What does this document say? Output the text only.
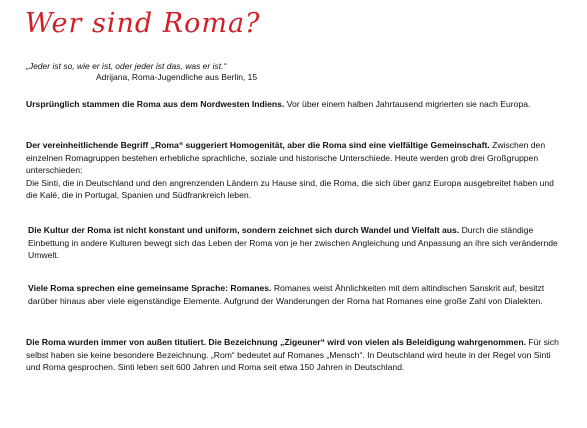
Wer sind Roma?
„Jeder ist so, wie er ist, oder jeder ist das, was er ist.“
Adrijana, Roma-Jugendliche aus Berlin, 15

Ursprünglich stammen die Roma aus dem Nordwesten Indiens. Vor über einem halben Jahrtausend migrierten sie nach Europa.

Der vereinheitlichende Begriff „Roma“ suggeriert Homogenität, aber die Roma sind eine vielfältige Gemeinschaft. Zwischen den einzelnen Romagruppen bestehen erhebliche sprachliche, soziale und historische Unterschiede. Heute werden grob drei Großgruppen unterschieden:
Die Sinti, die in Deutschland und den angrenzenden Ländern zu Hause sind, die Roma, die sich über ganz Europa ausgebreitet haben und die Kalé, die in Portugal, Spanien und Südfrankreich leben.

Die Kultur der Roma ist nicht konstant und uniform, sondern zeichnet sich durch Wandel und Vielfalt aus. Durch die ständige Einbettung in andere Kulturen bewegt sich das Leben der Roma von je her zwischen Angleichung und Anpassung an ihre sich verändernde Umwelt.

Viele Roma sprechen eine gemeinsame Sprache: Romanes. Romanes weist Ähnlichkeiten mit dem altindischen Sanskrit auf, besitzt darüber hinaus aber viele eigenständige Elemente. Aufgrund der Wanderungen der Roma hat Romanes eine große Zahl von Dialekten.

Die Roma wurden immer von außen tituliert. Die Bezeichnung „Zigeuner“ wird von vielen als Beleidigung wahrgenommen. Für sich selbst haben sie keine besondere Bezeichnung. „Rom“ bedeutet auf Romanes „Mensch“. In Deutschland wird heute in der Regel von Sinti und Roma gesprochen. Sinti leben seit 600 Jahren und Roma seit etwa 150 Jahren in Deutschland.
